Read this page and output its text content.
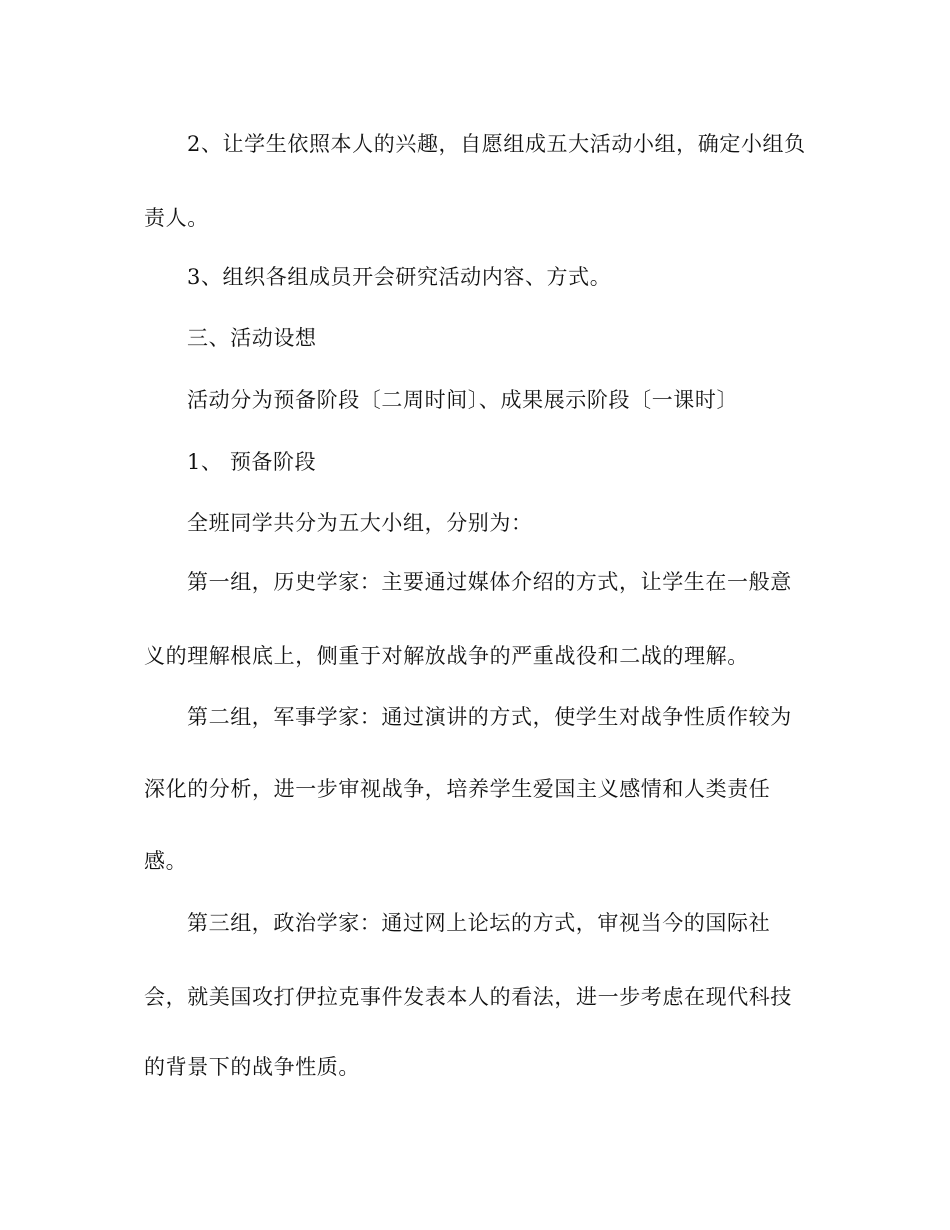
2、让学生依照本人的兴趣，自愿组成五大活动小组，确定小组负
责人。
3、组织各组成员开会研究活动内容、方式。
三、活动设想
活动分为预备阶段〔二周时间〕、成果展示阶段〔一课时〕
1、 预备阶段
全班同学共分为五大小组，分别为：
第一组，历史学家：主要通过媒体介绍的方式，让学生在一般意
义的理解根底上，侧重于对解放战争的严重战役和二战的理解。
第二组，军事学家：通过演讲的方式，使学生对战争性质作较为
深化的分析，进一步审视战争，培养学生爱国主义感情和人类责任
感。
第三组，政治学家：通过网上论坛的方式，审视当今的国际社
会，就美国攻打伊拉克事件发表本人的看法，进一步考虑在现代科技
的背景下的战争性质。
